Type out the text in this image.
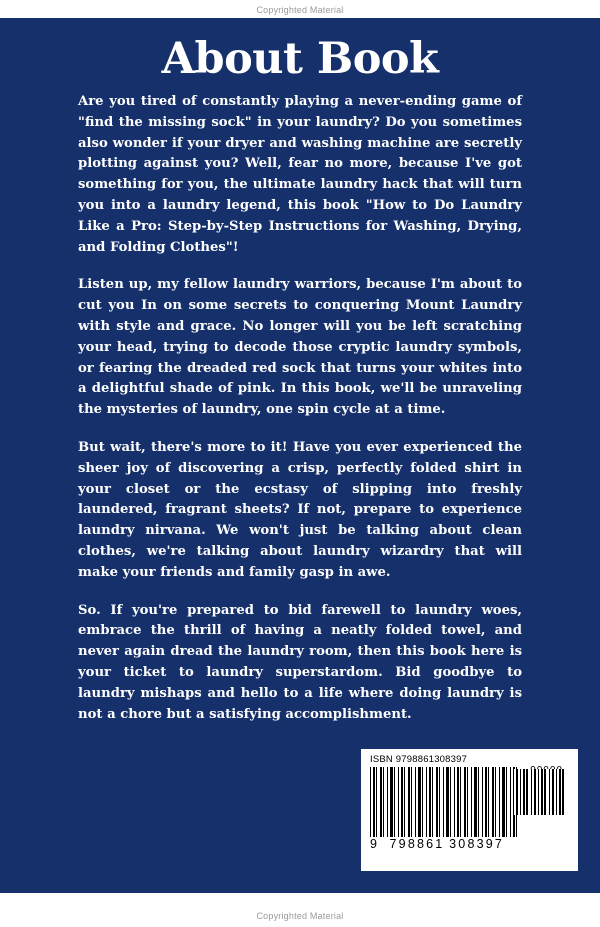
Copyrighted Material
About Book

Are you tired of constantly playing a never-ending game of "find the missing sock" in your laundry? Do you sometimes also wonder if your dryer and washing machine are secretly plotting against you? Well, fear no more, because I've got something for you, the ultimate laundry hack that will turn you into a laundry legend, this book "How to Do Laundry Like a Pro: Step-by-Step Instructions for Washing, Drying, and Folding Clothes"!

Listen up, my fellow laundry warriors, because I'm about to cut you In on some secrets to conquering Mount Laundry with style and grace. No longer will you be left scratching your head, trying to decode those cryptic laundry symbols, or fearing the dreaded red sock that turns your whites into a delightful shade of pink. In this book, we'll be unraveling the mysteries of laundry, one spin cycle at a time.

But wait, there's more to it! Have you ever experienced the sheer joy of discovering a crisp, perfectly folded shirt in your closet or the ecstasy of slipping into freshly laundered, fragrant sheets? If not, prepare to experience laundry nirvana. We won't just be talking about clean clothes, we're talking about laundry wizardry that will make your friends and family gasp in awe.

So. If you're prepared to bid farewell to laundry woes, embrace the thrill of having a neatly folded towel, and never again dread the laundry room, then this book here is your ticket to laundry superstardom. Bid goodbye to laundry mishaps and hello to a life where doing laundry is not a chore but a satisfying accomplishment.

ISBN 9798861308397
9  798861 308397
Copyrighted Material
